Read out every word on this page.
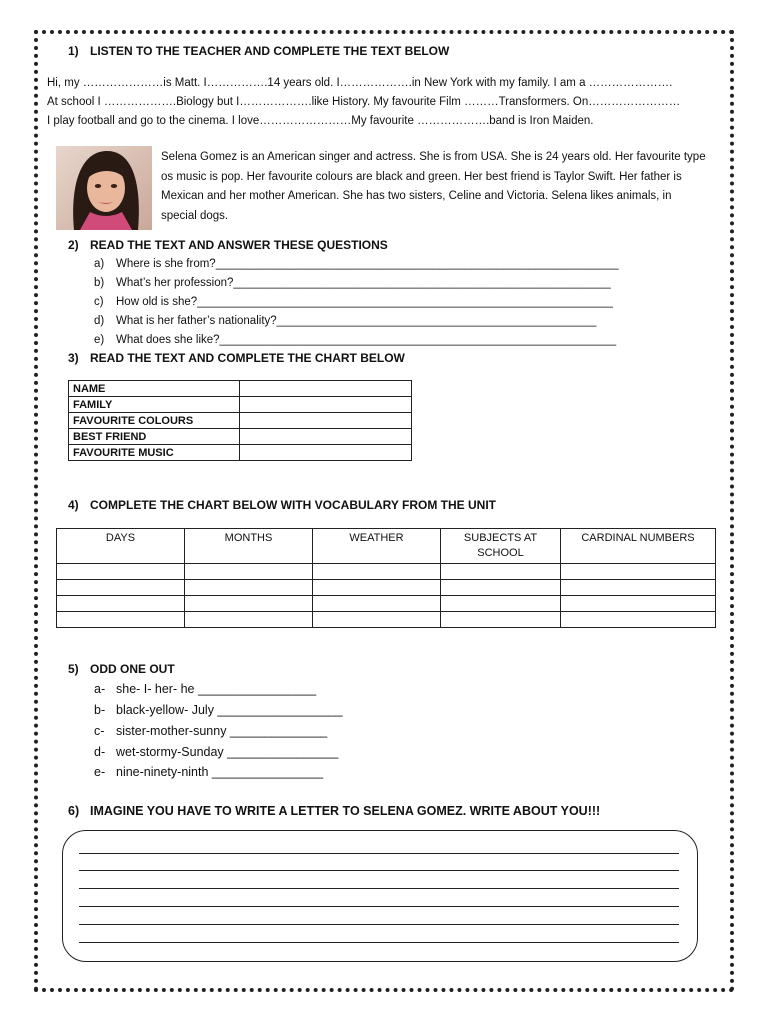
1) LISTEN TO THE TEACHER AND COMPLETE THE TEXT BELOW
Hi, my …………………is Matt. I…………….14 years old. I……………….in New York with my family. I am a ………………….
At school I ……………….Biology but I……………….like History. My favourite Film ………Transformers. On……………………
I play football and go to the cinema. I love……………………My favourite ……………….band is Iron Maiden.
Selena Gomez is an American singer and actress. She is from USA. She is 24 years old. Her favourite type os music is pop. Her favourite colours are black and green. Her best friend is Taylor Swift. Her father is Mexican and her mother American. She has two sisters, Celine and Victoria. Selena likes animals, in special dogs.
2) READ THE TEXT AND ANSWER THESE QUESTIONS
a) Where is she from?_______________________________________________________________
b) What’s her profession?___________________________________________________________
c) How old is she?_________________________________________________________________
d) What is her father’s nationality?__________________________________________________
e) What does she like?______________________________________________________________
3) READ THE TEXT AND COMPLETE THE CHART BELOW
NAME	
FAMILY	
FAVOURITE COLOURS	
BEST FRIEND	
FAVOURITE MUSIC	
4) COMPLETE THE CHART BELOW WITH VOCABULARY FROM THE UNIT
DAYS	MONTHS	WEATHER	SUBJECTS AT SCHOOL	CARDINAL NUMBERS

5) ODD ONE OUT
a- she- I- her- he _________________
b- black-yellow- July __________________
c- sister-mother-sunny ______________
d- wet-stormy-Sunday ________________
e- nine-ninety-ninth ________________
6) IMAGINE YOU HAVE TO WRITE A LETTER TO SELENA GOMEZ. WRITE ABOUT YOU!!!
